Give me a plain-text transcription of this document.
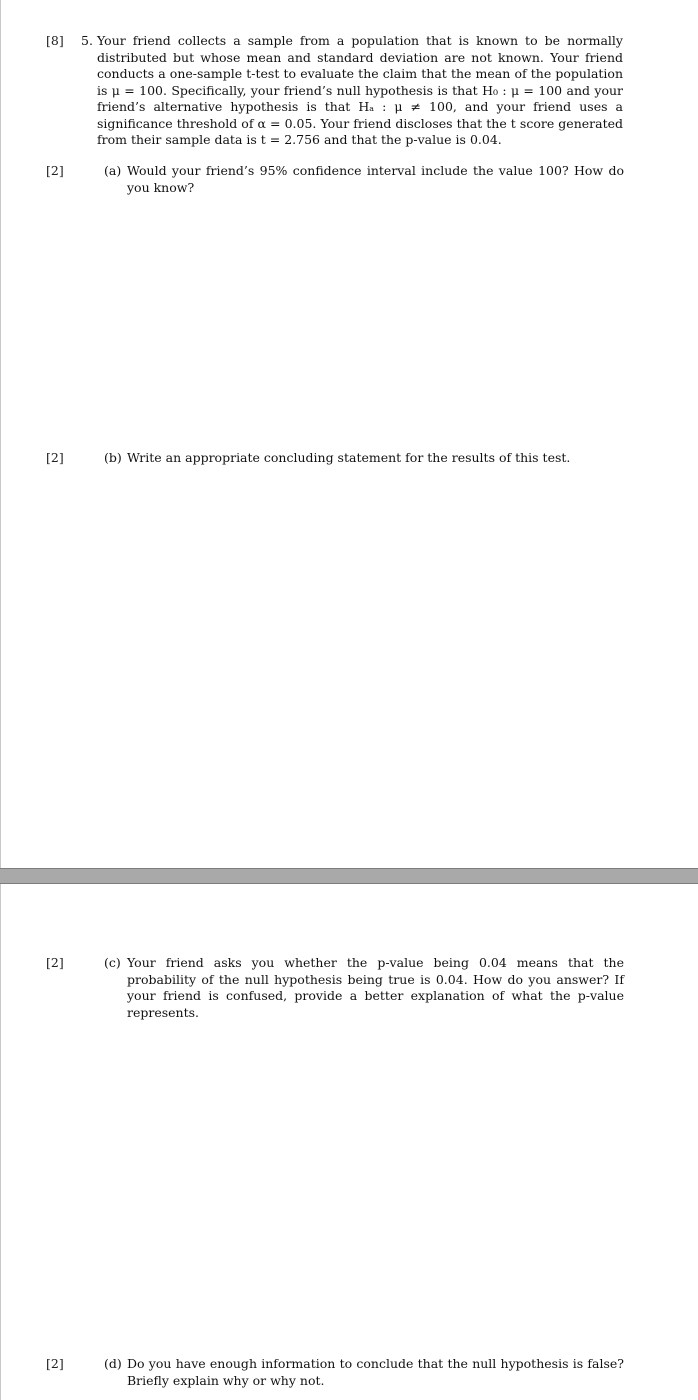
[8] 5. Your friend collects a sample from a population that is known to be normally distributed but whose mean and standard deviation are not known. Your friend conducts a one-sample t-test to evaluate the claim that the mean of the population is μ = 100. Specifically, your friend’s null hypothesis is that H₀ : μ = 100 and your friend’s alternative hypothesis is that Hₐ : μ ≠ 100, and your friend uses a significance threshold of α = 0.05. Your friend discloses that the t score generated from their sample data is t = 2.756 and that the p-value is 0.04.
[2]	(a) Would your friend’s 95% confidence interval include the value 100? How do you know?
[2]	(b) Write an appropriate concluding statement for the results of this test.
[2]	(c) Your friend asks you whether the p-value being 0.04 means that the probability of the null hypothesis being true is 0.04. How do you answer? If your friend is confused, provide a better explanation of what the p-value represents.
[2]	(d) Do you have enough information to conclude that the null hypothesis is false? Briefly explain why or why not.
